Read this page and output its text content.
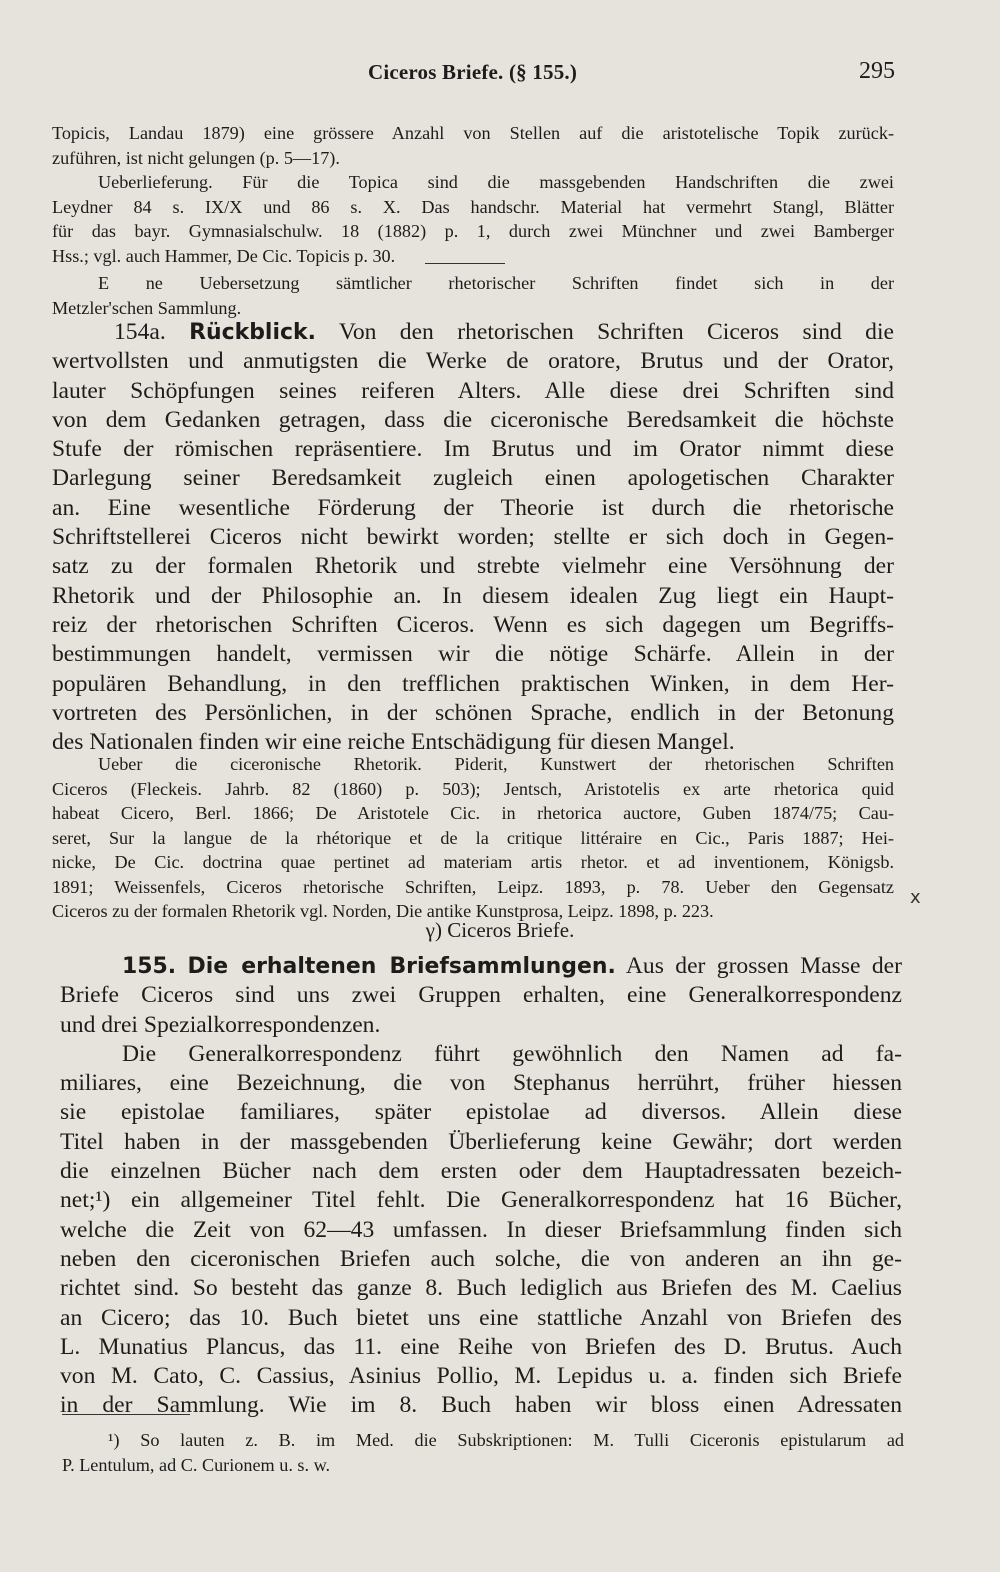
Ciceros Briefe. (§ 155.)	295
Topicis, Landau 1879) eine grössere Anzahl von Stellen auf die aristotelische Topik zurück-
zuführen, ist nicht gelungen (p. 5—17).
Ueberlieferung. Für die Topica sind die massgebenden Handschriften die zwei
Leydner 84 s. IX/X und 86 s. X. Das handschr. Material hat vermehrt Stangl, Blätter
für das bayr. Gymnasialschulw. 18 (1882) p. 1, durch zwei Münchner und zwei Bamberger
Hss.; vgl. auch Hammer, De Cic. Topicis p. 30.
E ne Uebersetzung sämtlicher rhetorischer Schriften findet sich in der
Metzler'schen Sammlung.
154a. Rückblick. Von den rhetorischen Schriften Ciceros sind die
wertvollsten und anmutigsten die Werke de oratore, Brutus und der Orator,
lauter Schöpfungen seines reiferen Alters. Alle diese drei Schriften sind
von dem Gedanken getragen, dass die ciceronische Beredsamkeit die höchste
Stufe der römischen repräsentiere. Im Brutus und im Orator nimmt diese
Darlegung seiner Beredsamkeit zugleich einen apologetischen Charakter
an. Eine wesentliche Förderung der Theorie ist durch die rhetorische
Schriftstellerei Ciceros nicht bewirkt worden; stellte er sich doch in Gegen-
satz zu der formalen Rhetorik und strebte vielmehr eine Versöhnung der
Rhetorik und der Philosophie an. In diesem idealen Zug liegt ein Haupt-
reiz der rhetorischen Schriften Ciceros. Wenn es sich dagegen um Begriffs-
bestimmungen handelt, vermissen wir die nötige Schärfe. Allein in der
populären Behandlung, in den trefflichen praktischen Winken, in dem Her-
vortreten des Persönlichen, in der schönen Sprache, endlich in der Betonung
des Nationalen finden wir eine reiche Entschädigung für diesen Mangel.
Ueber die ciceronische Rhetorik. Piderit, Kunstwert der rhetorischen Schriften
Ciceros (Fleckeis. Jahrb. 82 (1860) p. 503); Jentsch, Aristotelis ex arte rhetorica quid
habeat Cicero, Berl. 1866; De Aristotele Cic. in rhetorica auctore, Guben 1874/75; Cau-
seret, Sur la langue de la rhétorique et de la critique littéraire en Cic., Paris 1887; Hei-
nicke, De Cic. doctrina quae pertinet ad materiam artis rhetor. et ad inventionem, Königsb.
1891; Weissenfels, Ciceros rhetorische Schriften, Leipz. 1893, p. 78. Ueber den Gegensatz
Ciceros zu der formalen Rhetorik vgl. Norden, Die antike Kunstprosa, Leipz. 1898, p. 223.
x
γ) Ciceros Briefe.
155. Die erhaltenen Briefsammlungen. Aus der grossen Masse der
Briefe Ciceros sind uns zwei Gruppen erhalten, eine Generalkorrespondenz
und drei Spezialkorrespondenzen.
Die Generalkorrespondenz führt gewöhnlich den Namen ad fa-
miliares, eine Bezeichnung, die von Stephanus herrührt, früher hiessen
sie epistolae familiares, später epistolae ad diversos. Allein diese
Titel haben in der massgebenden Überlieferung keine Gewähr; dort werden
die einzelnen Bücher nach dem ersten oder dem Hauptadressaten bezeich-
net;¹) ein allgemeiner Titel fehlt. Die Generalkorrespondenz hat 16 Bücher,
welche die Zeit von 62—43 umfassen. In dieser Briefsammlung finden sich
neben den ciceronischen Briefen auch solche, die von anderen an ihn ge-
richtet sind. So besteht das ganze 8. Buch lediglich aus Briefen des M. Caelius
an Cicero; das 10. Buch bietet uns eine stattliche Anzahl von Briefen des
L. Munatius Plancus, das 11. eine Reihe von Briefen des D. Brutus. Auch
von M. Cato, C. Cassius, Asinius Pollio, M. Lepidus u. a. finden sich Briefe
in der Sammlung. Wie im 8. Buch haben wir bloss einen Adressaten
¹) So lauten z. B. im Med. die Subskriptionen: M. Tulli Ciceronis epistularum ad
P. Lentulum, ad C. Curionem u. s. w.
